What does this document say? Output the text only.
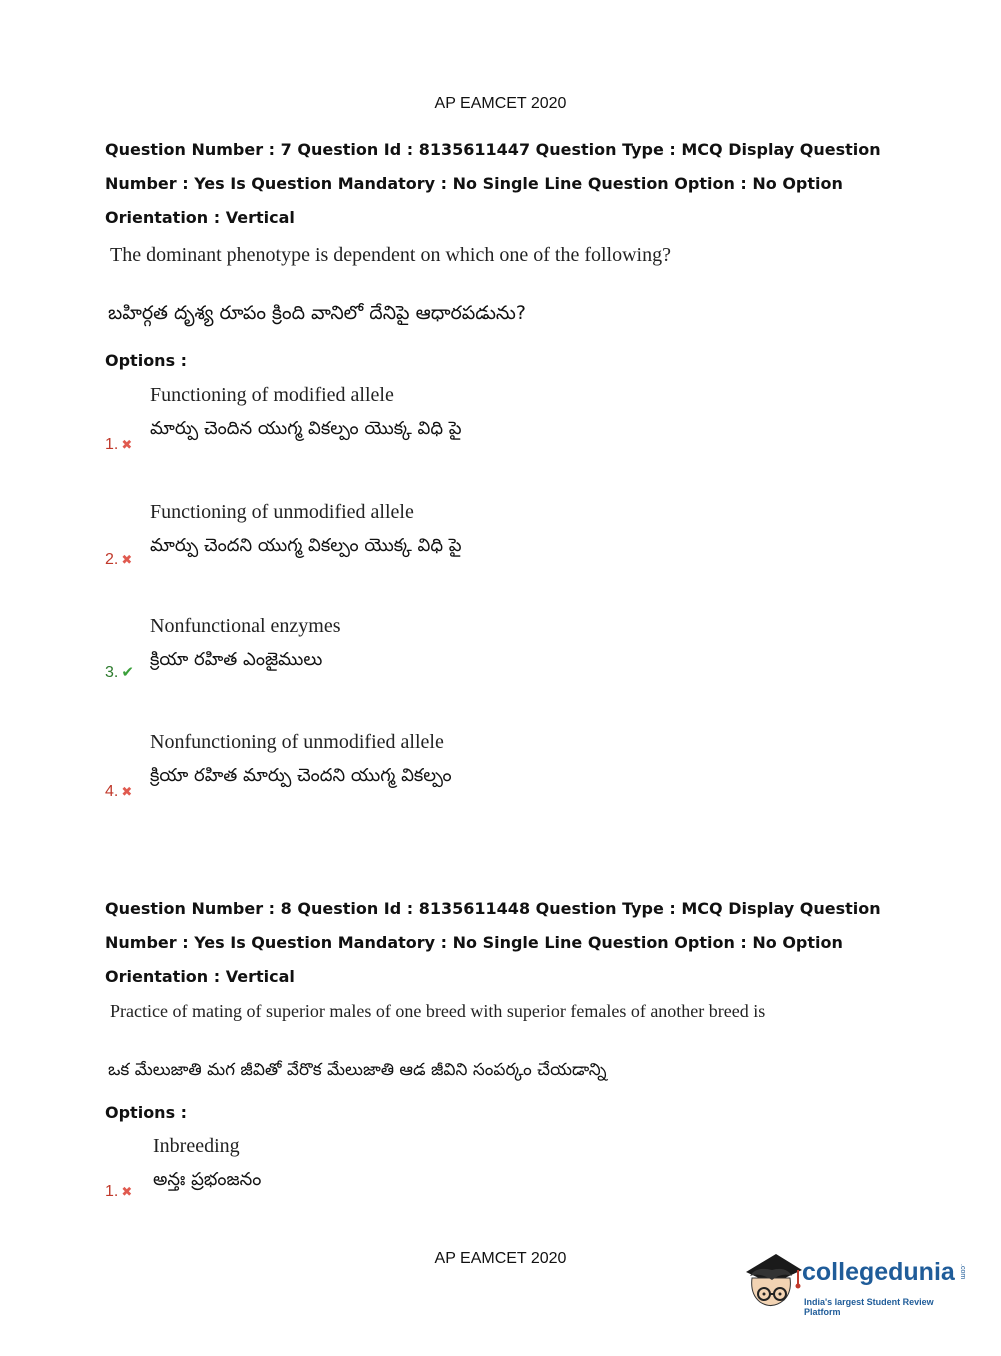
AP EAMCET 2020
Question Number : 7 Question Id : 8135611447 Question Type : MCQ Display Question
Number : Yes Is Question Mandatory : No Single Line Question Option : No Option
Orientation : Vertical
The dominant phenotype is dependent on which one of the following?
బహిర్గత దృశ్య రూపం క్రింది వానిలో దేనిపై ఆధారపడును?
Options :
Functioning of modified allele
మార్పు చెందిన యుగ్మ వికల్పం యొక్క విధి పై
1. ✖
Functioning of unmodified allele
మార్పు చెందని యుగ్మ వికల్పం యొక్క విధి పై
2. ✖
Nonfunctional enzymes
క్రియా రహిత ఎంజైములు
3. ✔
Nonfunctioning of unmodified allele
క్రియా రహిత మార్పు చెందని యుగ్మ వికల్పం
4. ✖
Question Number : 8 Question Id : 8135611448 Question Type : MCQ Display Question
Number : Yes Is Question Mandatory : No Single Line Question Option : No Option
Orientation : Vertical
Practice of mating of superior males of one breed with superior females of another breed is
ఒక మేలుజాతి మగ జీవితో వేరొక మేలుజాతి ఆడ జీవిని సంపర్కం చేయడాన్ని
Options :
Inbreeding
అన్తః ప్రభంజనం
1. ✖
AP EAMCET 2020	collegedunia .com
India's largest Student Review Platform
